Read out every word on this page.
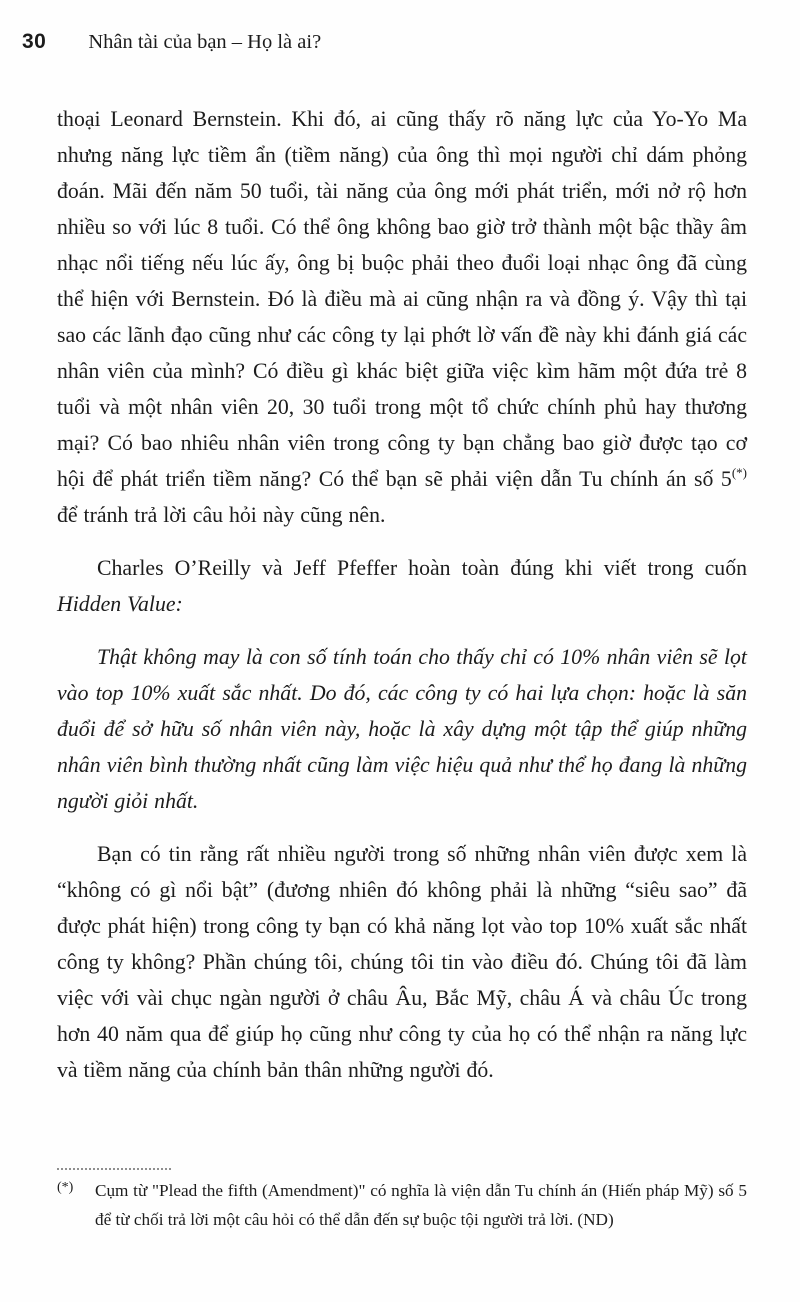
30 Nhân tài của bạn – Họ là ai?

thoại Leonard Bernstein. Khi đó, ai cũng thấy rõ năng lực của Yo-Yo Ma nhưng năng lực tiềm ẩn (tiềm năng) của ông thì mọi người chỉ dám phỏng đoán. Mãi đến năm 50 tuổi, tài năng của ông mới phát triển, mới nở rộ hơn nhiều so với lúc 8 tuổi. Có thể ông không bao giờ trở thành một bậc thầy âm nhạc nổi tiếng nếu lúc ấy, ông bị buộc phải theo đuổi loại nhạc ông đã cùng thể hiện với Bernstein. Đó là điều mà ai cũng nhận ra và đồng ý. Vậy thì tại sao các lãnh đạo cũng như các công ty lại phớt lờ vấn đề này khi đánh giá các nhân viên của mình? Có điều gì khác biệt giữa việc kìm hãm một đứa trẻ 8 tuổi và một nhân viên 20, 30 tuổi trong một tổ chức chính phủ hay thương mại? Có bao nhiêu nhân viên trong công ty bạn chẳng bao giờ được tạo cơ hội để phát triển tiềm năng? Có thể bạn sẽ phải viện dẫn Tu chính án số 5(*) để tránh trả lời câu hỏi này cũng nên.

Charles O’Reilly và Jeff Pfeffer hoàn toàn đúng khi viết trong cuốn Hidden Value:

Thật không may là con số tính toán cho thấy chỉ có 10% nhân viên sẽ lọt vào top 10% xuất sắc nhất. Do đó, các công ty có hai lựa chọn: hoặc là săn đuổi để sở hữu số nhân viên này, hoặc là xây dựng một tập thể giúp những nhân viên bình thường nhất cũng làm việc hiệu quả như thể họ đang là những người giỏi nhất.

Bạn có tin rằng rất nhiều người trong số những nhân viên được xem là “không có gì nổi bật” (đương nhiên đó không phải là những “siêu sao” đã được phát hiện) trong công ty bạn có khả năng lọt vào top 10% xuất sắc nhất công ty không? Phần chúng tôi, chúng tôi tin vào điều đó. Chúng tôi đã làm việc với vài chục ngàn người ở châu Âu, Bắc Mỹ, châu Á và châu Úc trong hơn 40 năm qua để giúp họ cũng như công ty của họ có thể nhận ra năng lực và tiềm năng của chính bản thân những người đó.

(*)	Cụm từ "Plead the fifth (Amendment)" có nghĩa là viện dẫn Tu chính án (Hiến pháp Mỹ) số 5 để từ chối trả lời một câu hỏi có thể dẫn đến sự buộc tội người trả lời. (ND)
